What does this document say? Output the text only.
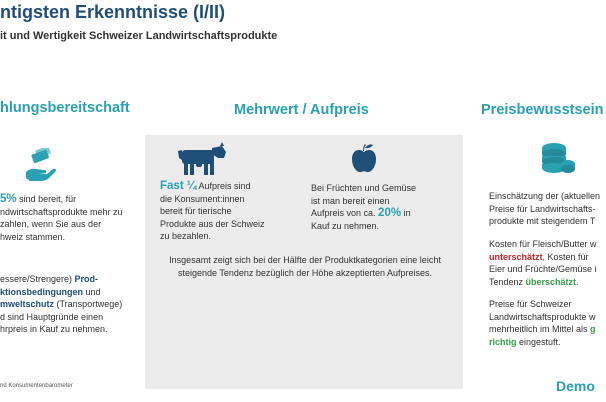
ntigsten Erkenntnisse (I/II)
it und Wertigkeit Schweizer Landwirtschaftsprodukte
hlungsbereitschaft	Mehrwert / Aufpreis	Preisbewusstsein

5% sind bereit, für

ndwirtschaftsprodukte mehr zu

zahlen, wenn Sie aus der

hweiz stammen.

essere/Strengere) Prod-

ktionsbedingungen und

mweltschutz (Transportwege)

d sind Hauptgründe einen

hrpreis in Kauf zu nehmen.

Fast ¼ Aufpreis sind

die Konsument:innen

bereit für tierische

Produkte aus der Schweiz

zu bezahlen.

Bei Früchten und Gemüse

ist man bereit einen

Aufpreis von ca. 20% in

Kauf zu nehmen.

Insgesamt zeigt sich bei der Hälfte der Produktkategorien eine leicht

steigende Tendenz bezüglich der Höhe akzeptierten Aufpreises.

Einschätzung der (aktuellen

Preise für Landwirtschafts-

produkte mit steigendem T

Kosten für Fleisch/Butter w

unterschätzt, Kosten für

Eier und Früchte/Gemüse i

Tendenz überschätzt.

Preise für Schweizer

Landwirtschaftsprodukte w

mehrheitlich im Mittel als g

richtig eingestuft.

nd Konsumentenbarometer	Demo
